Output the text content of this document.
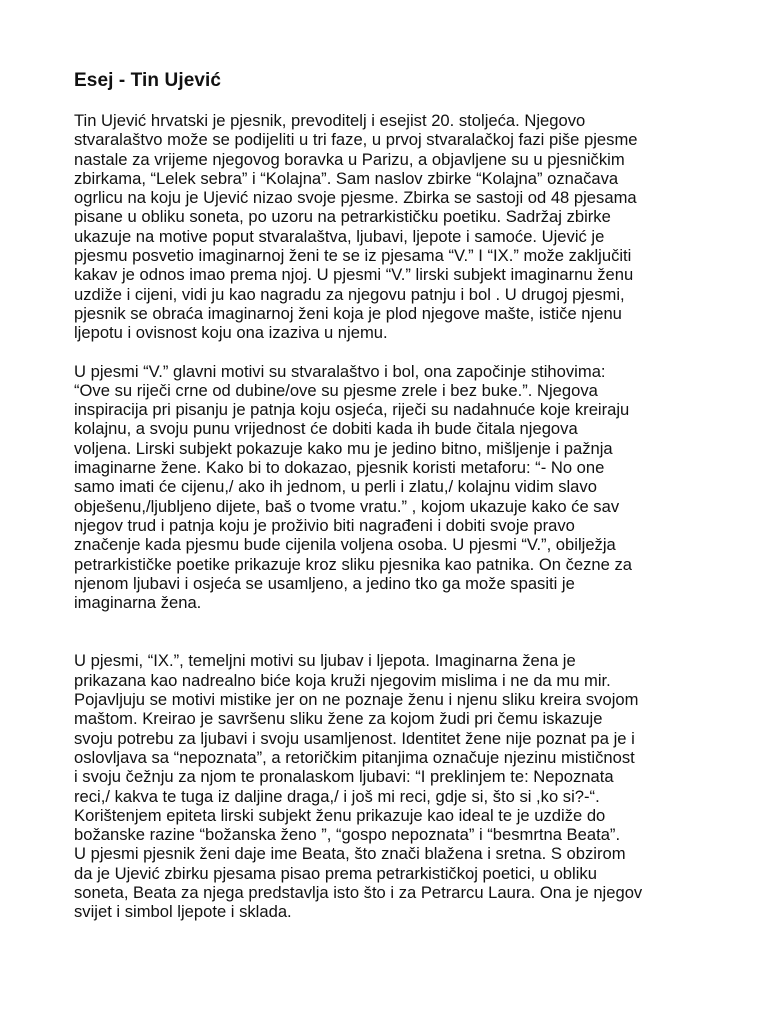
Esej - Tin Ujević

Tin Ujević hrvatski je pjesnik, prevoditelj i esejist 20. stoljeća. Njegovo
stvaralaštvo može se podijeliti u tri faze, u prvoj stvaralačkoj fazi piše pjesme
nastale za vrijeme njegovog boravka u Parizu, a objavljene su u pjesničkim
zbirkama, “Lelek sebra” i “Kolajna”. Sam naslov zbirke “Kolajna” označava
ogrlicu na koju je Ujević nizao svoje pjesme. Zbirka se sastoji od 48 pjesama
pisane u obliku soneta, po uzoru na petrarkističku poetiku. Sadržaj zbirke
ukazuje na motive poput stvaralaštva, ljubavi, ljepote i samoće. Ujević je
pjesmu posvetio imaginarnoj ženi te se iz pjesama “V.” I “IX.” može zaključiti
kakav je odnos imao prema njoj. U pjesmi “V.” lirski subjekt imaginarnu ženu
uzdiže i cijeni, vidi ju kao nagradu za njegovu patnju i bol . U drugoj pjesmi,
pjesnik se obraća imaginarnoj ženi koja je plod njegove mašte, ističe njenu
ljepotu i ovisnost koju ona izaziva u njemu.

U pjesmi “V.” glavni motivi su stvaralaštvo i bol, ona započinje stihovima:
“Ove su riječi crne od dubine/ove su pjesme zrele i bez buke.”. Njegova
inspiracija pri pisanju je patnja koju osjeća, riječi su nadahnuće koje kreiraju
kolajnu, a svoju punu vrijednost će dobiti kada ih bude čitala njegova
voljena. Lirski subjekt pokazuje kako mu je jedino bitno, mišljenje i pažnja
imaginarne žene. Kako bi to dokazao, pjesnik koristi metaforu: “- No one
samo imati će cijenu,/ ako ih jednom, u perli i zlatu,/ kolajnu vidim slavo
obješenu,/ljubljeno dijete, baš o tvome vratu.” , kojom ukazuje kako će sav
njegov trud i patnja koju je proživio biti nagrađeni i dobiti svoje pravo
značenje kada pjesmu bude cijenila voljena osoba. U pjesmi “V.”, obilježja
petrarkističke poetike prikazuje kroz sliku pjesnika kao patnika. On čezne za
njenom ljubavi i osjeća se usamljeno, a jedino tko ga može spasiti je
imaginarna žena.

U pjesmi, “IX.”, temeljni motivi su ljubav i ljepota. Imaginarna žena je
prikazana kao nadrealno biće koja kruži njegovim mislima i ne da mu mir.
Pojavljuju se motivi mistike jer on ne poznaje ženu i njenu sliku kreira svojom
maštom. Kreirao je savršenu sliku žene za kojom žudi pri čemu iskazuje
svoju potrebu za ljubavi i svoju usamljenost. Identitet žene nije poznat pa je i
oslovljava sa “nepoznata”, a retoričkim pitanjima označuje njezinu mističnost
i svoju čežnju za njom te pronalaskom ljubavi: “I preklinjem te: Nepoznata
reci,/ kakva te tuga iz daljine draga,/ i još mi reci, gdje si, što si ,ko si?-“.
Korištenjem epiteta lirski subjekt ženu prikazuje kao ideal te je uzdiže do
božanske razine “božanska ženo ”, “gospo nepoznata” i “besmrtna Beata”.
U pjesmi pjesnik ženi daje ime Beata, što znači blažena i sretna. S obzirom
da je Ujević zbirku pjesama pisao prema petrarkističkoj poetici, u obliku
soneta, Beata za njega predstavlja isto što i za Petrarcu Laura. Ona je njegov
svijet i simbol ljepote i sklada.
